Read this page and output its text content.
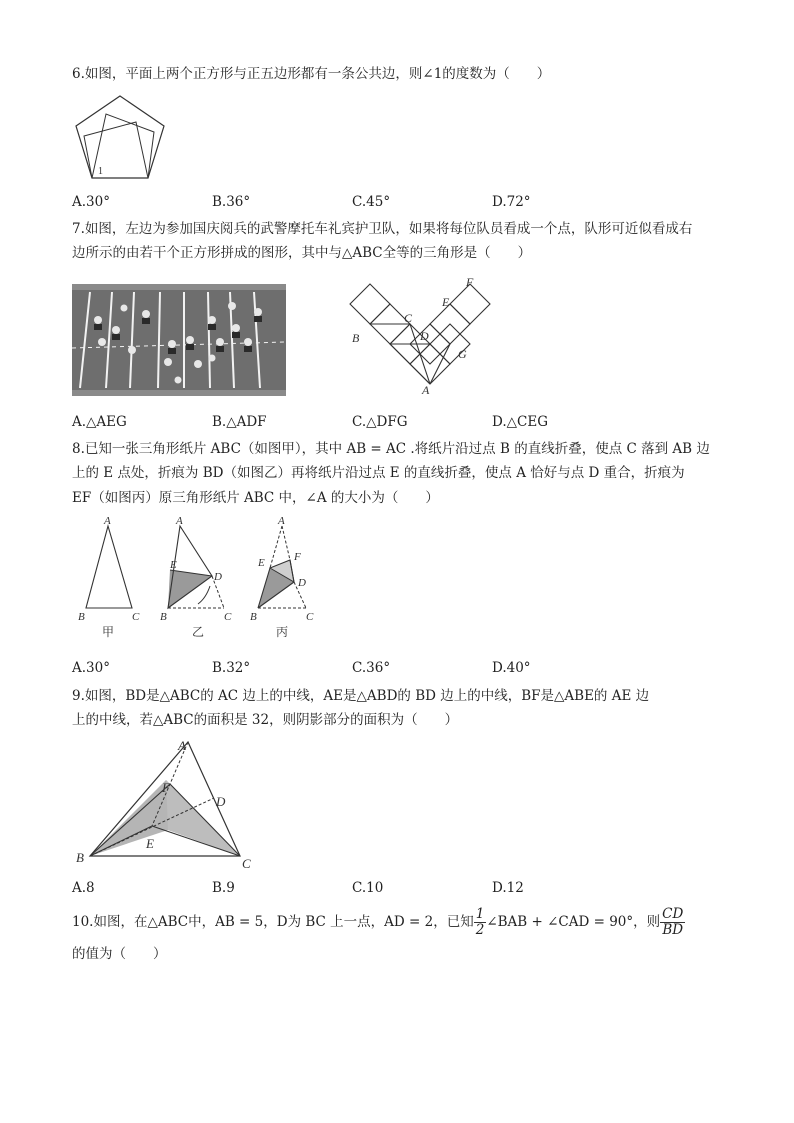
6.如图，平面上两个正方形与正五边形都有一条公共边，则∠1的度数为（　　）
1
A.30°	B.36°	C.45°	D.72°
7.如图，左边为参加国庆阅兵的武警摩托车礼宾护卫队，如果将每位队员看成一个点，队形可近似看成右
边所示的由若干个正方形拼成的图形，其中与△ABC全等的三角形是（　　）
B
C
D
E
F
G
A
A.△AEG	B.△ADF	C.△DFG	D.△CEG
8.已知一张三角形纸片 ABC（如图甲），其中 AB = AC .将纸片沿过点 B 的直线折叠，使点 C 落到 AB 边
上的 E 点处，折痕为 BD（如图乙）再将纸片沿过点 E 的直线折叠，使点 A 恰好与点 D 重合，折痕为
EF（如图丙）原三角形纸片 ABC 中，∠A 的大小为（　　）
A
B	C
甲
A
E
D
B	C
乙
A
E	F
D
B	C
丙
A.30°	B.32°	C.36°	D.40°
9.如图，BD是△ABC的 AC 边上的中线，AE是△ABD的 BD 边上的中线，BF是△ABE的 AE 边
上的中线，若△ABC的面积是 32，则阴影部分的面积为（　　）
A
F
D
E
B	C
A.8	B.9	C.10	D.12
10.如图，在△ABC中，AB = 5，D为 BC 上一点，AD = 2，已知 $\frac{1}{2}$ ∠BAB + ∠CAD = 90°，则 $\frac{CD}{BD}$
的值为（　　）
